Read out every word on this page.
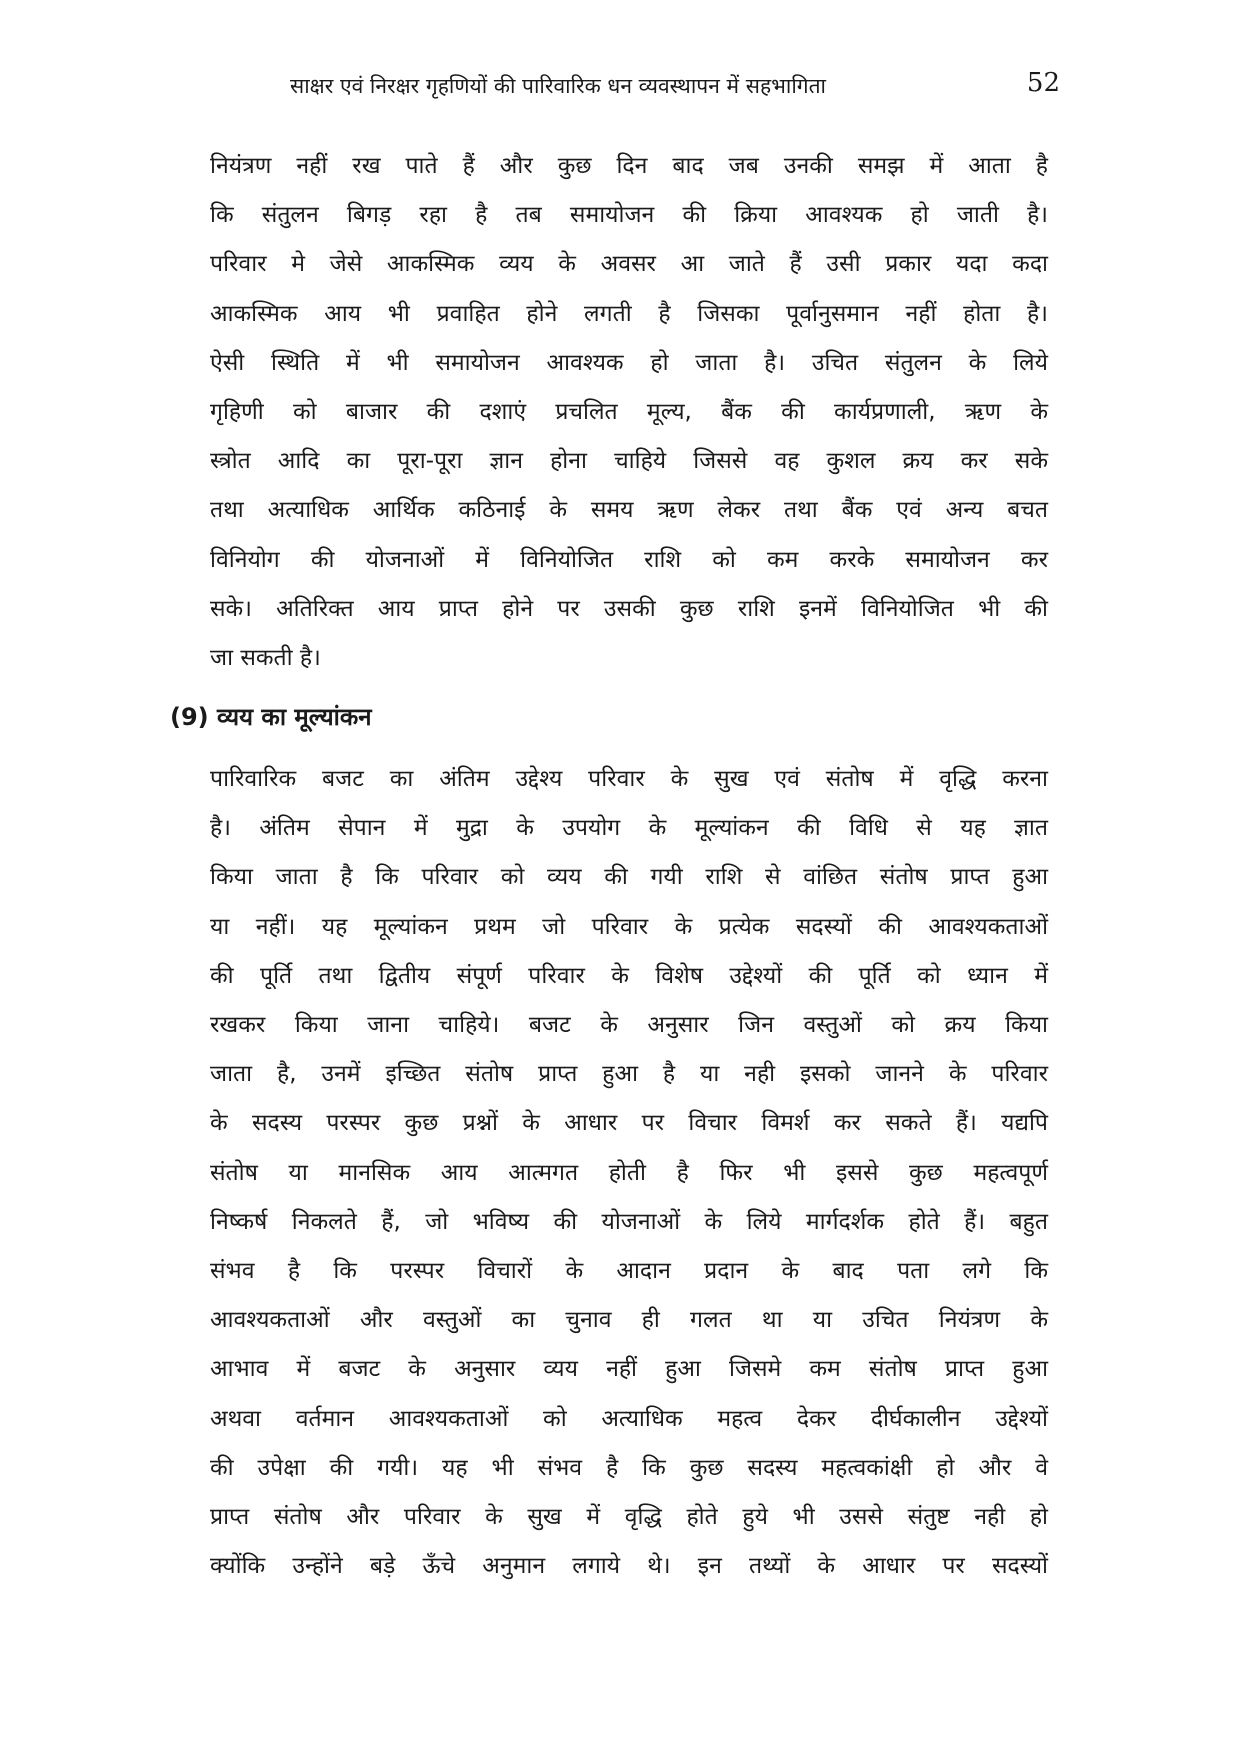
साक्षर एवं निरक्षर गृहणियों की पारिवारिक धन व्यवस्थापन में सहभागिता	52

नियंत्रण नहीं रख पाते हैं और कुछ दिन बाद जब उनकी समझ में आता है
कि संतुलन बिगड़ रहा है तब समायोजन की क्रिया आवश्यक हो जाती है।
परिवार मे जेसे आकस्मिक व्यय के अवसर आ जाते हैं उसी प्रकार यदा कदा
आकस्मिक आय भी प्रवाहित होने लगती है जिसका पूर्वानुसमान नहीं होता है।
ऐसी स्थिति में भी समायोजन आवश्यक हो जाता है। उचित संतुलन के लिये
गृहिणी को बाजार की दशाएं प्रचलित मूल्य, बैंक की कार्यप्रणाली, ऋण के
स्त्रोत आदि का पूरा-पूरा ज्ञान होना चाहिये जिससे वह कुशल क्रय कर सके
तथा अत्याधिक आर्थिक कठिनाई के समय ऋण लेकर तथा बैंक एवं अन्य बचत
विनियोग की योजनाओं में विनियोजित राशि को कम करके समायोजन कर
सके। अतिरिक्त आय प्राप्त होने पर उसकी कुछ राशि इनमें विनियोजित भी की
जा सकती है।

(9) व्यय का मूल्यांकन

पारिवारिक बजट का अंतिम उद्देश्य परिवार के सुख एवं संतोष में वृद्धि करना
है। अंतिम सेपान में मुद्रा के उपयोग के मूल्यांकन की विधि से यह ज्ञात
किया जाता है कि परिवार को व्यय की गयी राशि से वांछित संतोष प्राप्त हुआ
या नहीं। यह मूल्यांकन प्रथम जो परिवार के प्रत्येक सदस्यों की आवश्यकताओं
की पूर्ति तथा द्वितीय संपूर्ण परिवार के विशेष उद्देश्यों की पूर्ति को ध्यान में
रखकर किया जाना चाहिये। बजट के अनुसार जिन वस्तुओं को क्रय किया
जाता है, उनमें इच्छित संतोष प्राप्त हुआ है या नही इसको जानने के परिवार
के सदस्य परस्पर कुछ प्रश्नों के आधार पर विचार विमर्श कर सकते हैं। यद्यपि
संतोष या मानसिक आय आत्मगत होती है फिर भी इससे कुछ महत्वपूर्ण
निष्कर्ष निकलते हैं, जो भविष्य की योजनाओं के लिये मार्गदर्शक होते हैं। बहुत
संभव है कि परस्पर विचारों के आदान प्रदान के बाद पता लगे कि
आवश्यकताओं और वस्तुओं का चुनाव ही गलत था या उचित नियंत्रण के
आभाव में बजट के अनुसार व्यय नहीं हुआ जिसमे कम संतोष प्राप्त हुआ
अथवा वर्तमान आवश्यकताओं को अत्याधिक महत्व देकर दीर्घकालीन उद्देश्यों
की उपेक्षा की गयी। यह भी संभव है कि कुछ सदस्य महत्वकांक्षी हो और वे
प्राप्त संतोष और परिवार के सुख में वृद्धि होते हुये भी उससे संतुष्ट नही हो
क्योंकि उन्होंने बड़े ऊँचे अनुमान लगाये थे। इन तथ्यों के आधार पर सदस्यों
